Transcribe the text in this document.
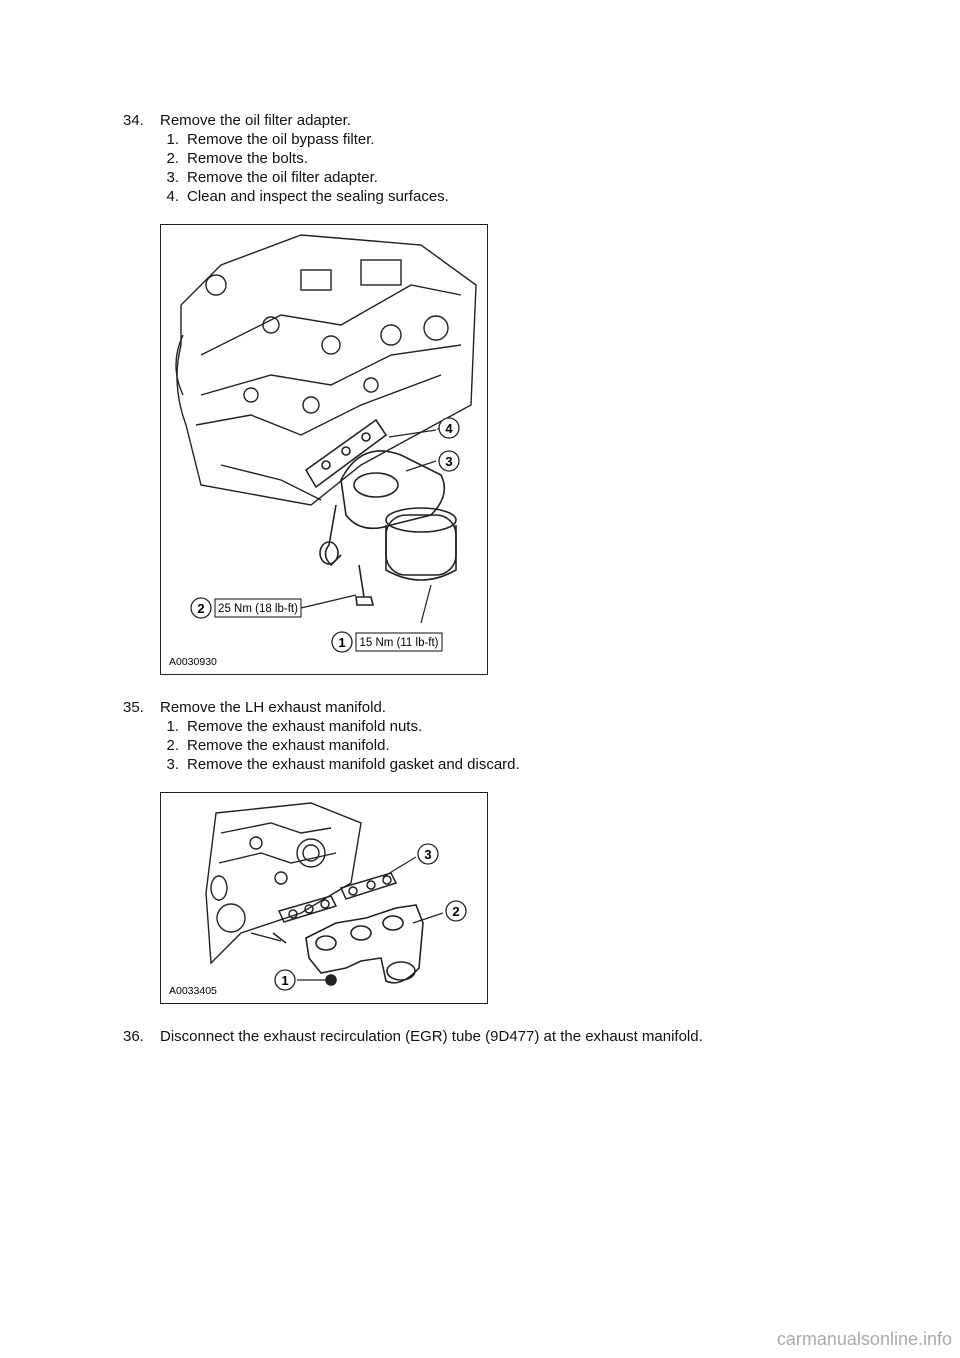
34. Remove the oil filter adapter.
1. Remove the oil bypass filter.
2. Remove the bolts.
3. Remove the oil filter adapter.
4. Clean and inspect the sealing surfaces.
4
3
2 25 Nm (18 lb-ft)
1 15 Nm (11 lb-ft)
A0030930
35. Remove the LH exhaust manifold.
1. Remove the exhaust manifold nuts.
2. Remove the exhaust manifold.
3. Remove the exhaust manifold gasket and discard.
3
2
1
A0033405
36. Disconnect the exhaust recirculation (EGR) tube (9D477) at the exhaust manifold.
carmanualsonline.info
